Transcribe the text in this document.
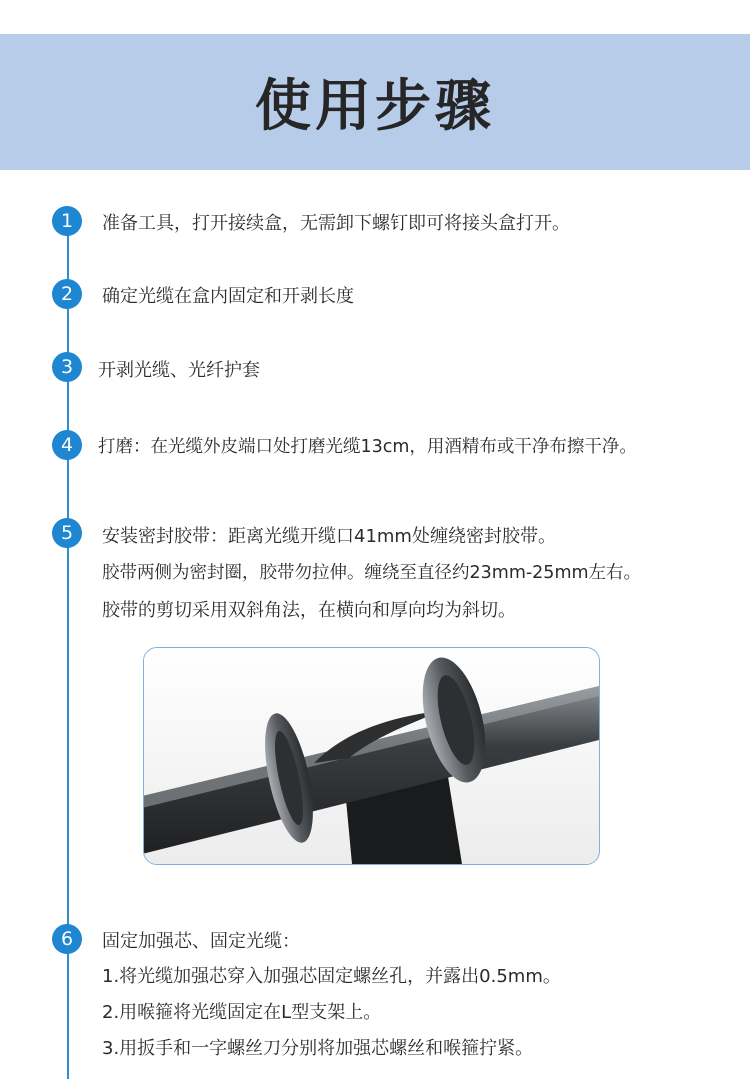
使用步骤
1	准备工具，打开接续盒，无需卸下螺钉即可将接头盒打开。
2	确定光缆在盒内固定和开剥长度
3	开剥光缆、光纤护套
4	打磨：在光缆外皮端口处打磨光缆13cm，用酒精布或干净布擦干净。
5	安装密封胶带：距离光缆开缆口41mm处缠绕密封胶带。
胶带两侧为密封圈，胶带勿拉伸。缠绕至直径约23mm-25mm左右。
胶带的剪切采用双斜角法，在横向和厚向均为斜切。
6	固定加强芯、固定光缆：
1.将光缆加强芯穿入加强芯固定螺丝孔，并露出0.5mm。
2.用喉箍将光缆固定在L型支架上。
3.用扳手和一字螺丝刀分别将加强芯螺丝和喉箍拧紧。
